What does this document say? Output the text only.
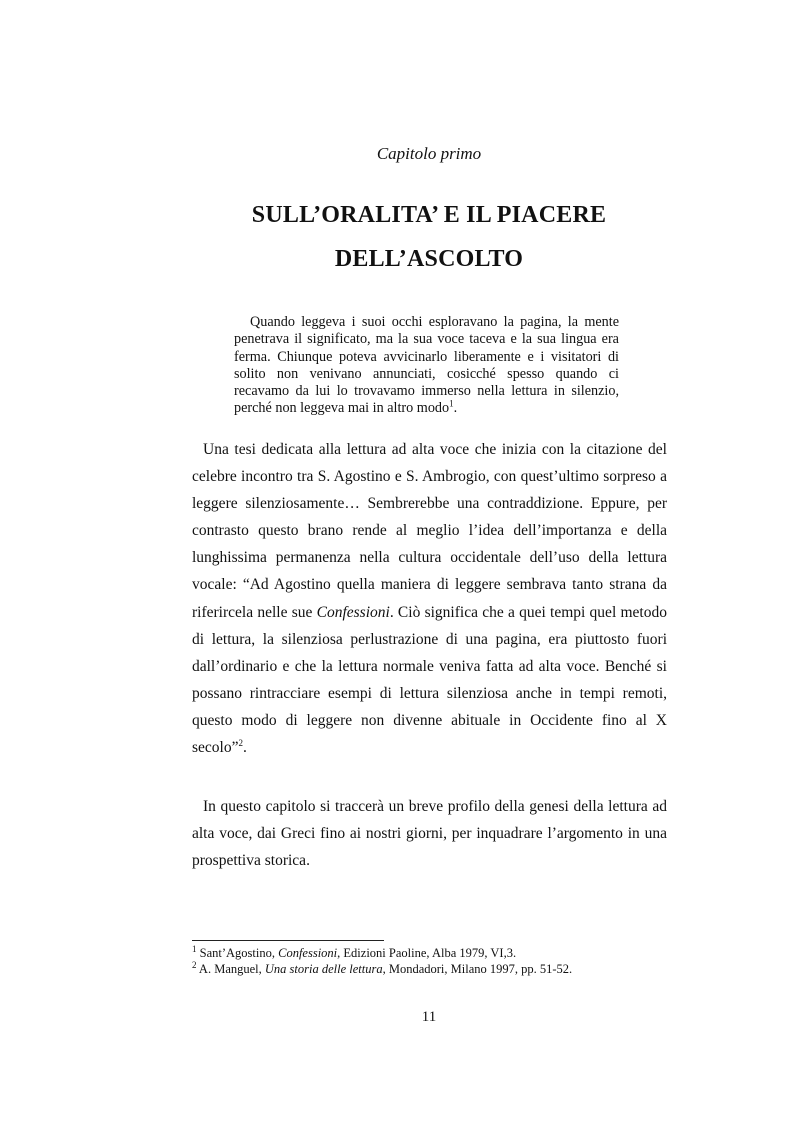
Capitolo primo
SULL’ORALITA’ E IL PIACERE
DELL’ASCOLTO

Quando leggeva i suoi occhi esploravano la pagina, la mente penetrava il significato, ma la sua voce taceva e la sua lingua era ferma. Chiunque poteva avvicinarlo liberamente e i visitatori di solito non venivano annunciati, cosicché spesso quando ci recavamo da lui lo trovavamo immerso nella lettura in silenzio, perché non leggeva mai in altro modo$^1$.

Una tesi dedicata alla lettura ad alta voce che inizia con la citazione del celebre incontro tra S. Agostino e S. Ambrogio, con quest’ultimo sorpreso a leggere silenziosamente… Sembrerebbe una contraddizione. Eppure, per contrasto questo brano rende al meglio l’idea dell’importanza e della lunghissima permanenza nella cultura occidentale dell’uso della lettura vocale: “Ad Agostino quella maniera di leggere sembrava tanto strana da riferircela nelle sue Confessioni. Ciò significa che a quei tempi quel metodo di lettura, la silenziosa perlustrazione di una pagina, era piuttosto fuori dall’ordinario e che la lettura normale veniva fatta ad alta voce. Benché si possano rintracciare esempi di lettura silenziosa anche in tempi remoti, questo modo di leggere non divenne abituale in Occidente fino al X secolo”$^2$.

In questo capitolo si traccerà un breve profilo della genesi della lettura ad alta voce, dai Greci fino ai nostri giorni, per inquadrare l’argomento in una prospettiva storica.

$^1$ Sant’Agostino, Confessioni, Edizioni Paoline, Alba 1979, VI,3.

$^2$ A. Manguel, Una storia delle lettura, Mondadori, Milano 1997, pp. 51-52.

11
